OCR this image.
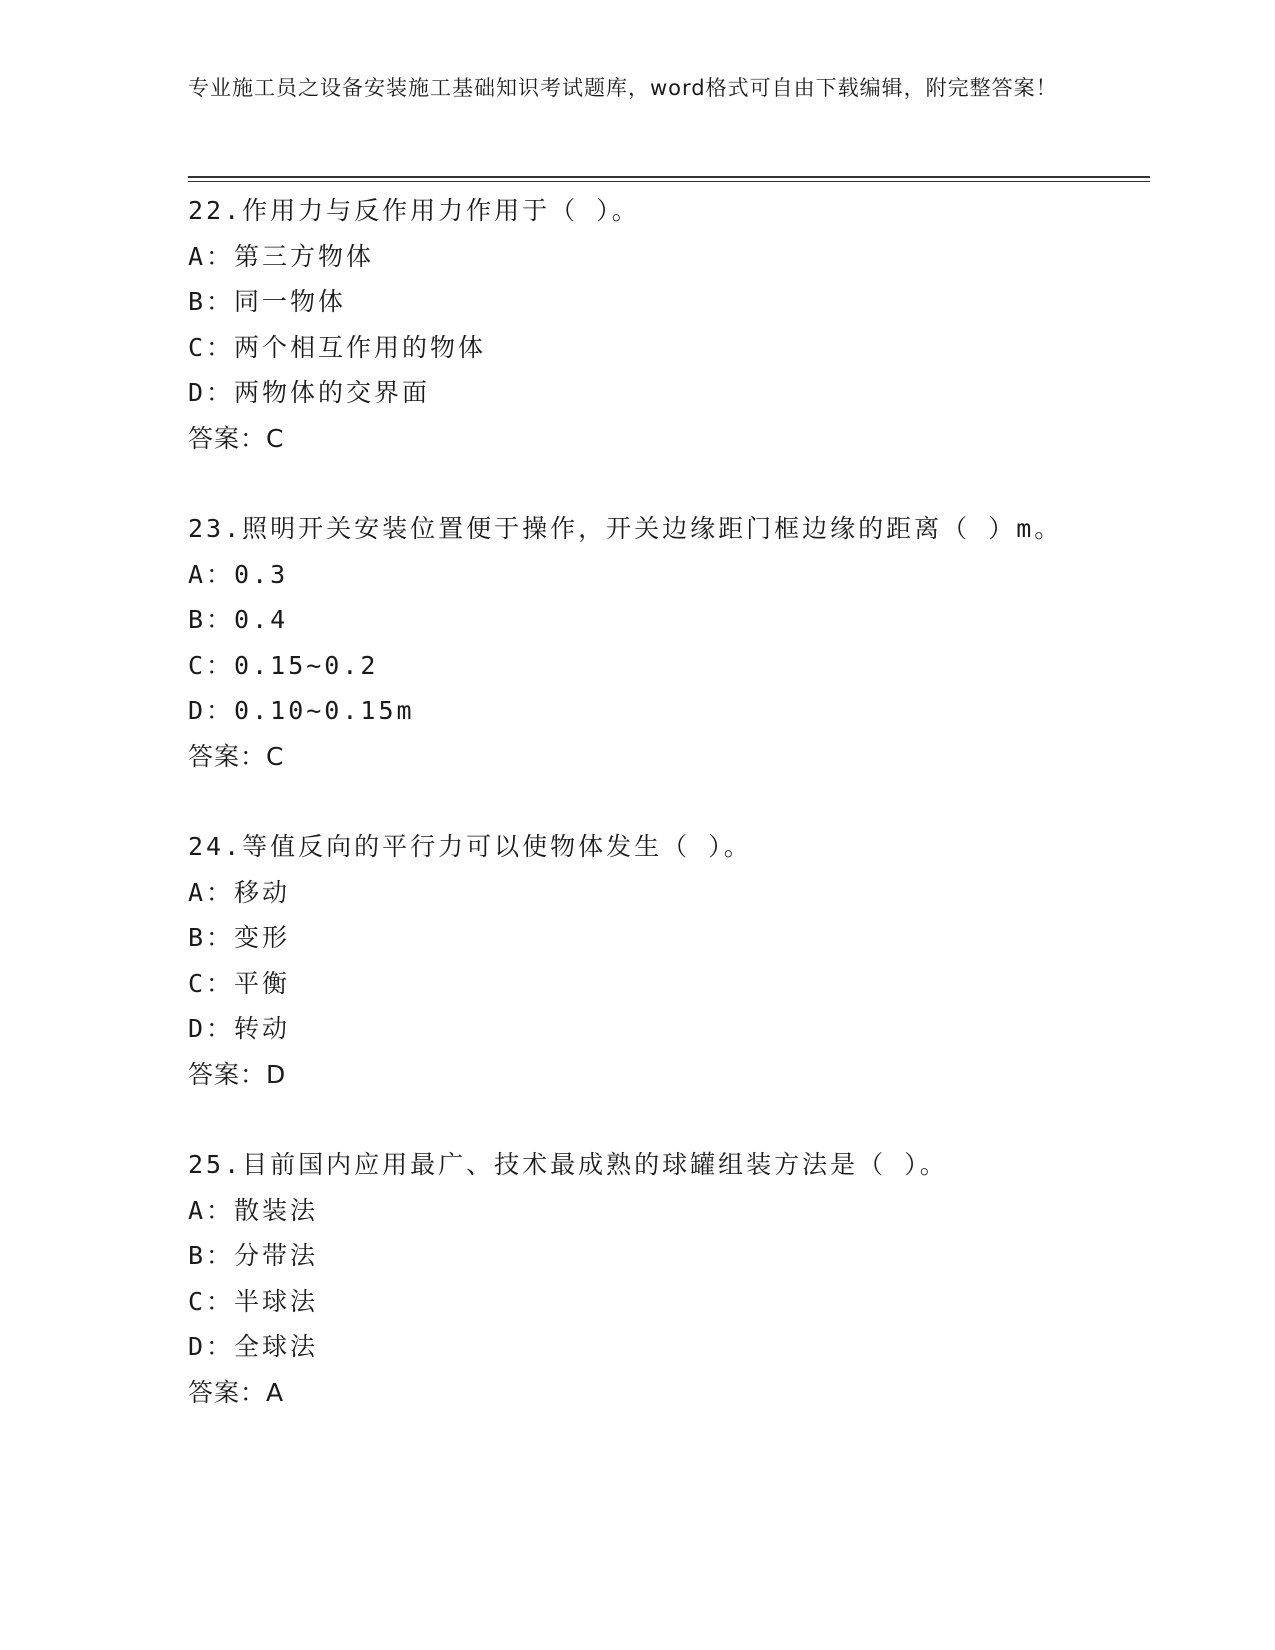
专业施工员之设备安装施工基础知识考试题库，word格式可自由下载编辑，附完整答案！
22.作用力与反作用力作用于（ ）。
A：第三方物体
B：同一物体
C：两个相互作用的物体
D：两物体的交界面
答案：C
23.照明开关安装位置便于操作，开关边缘距门框边缘的距离（ ）m。
A：0.3
B：0.4
C：0.15~0.2
D：0.10~0.15m
答案：C
24.等值反向的平行力可以使物体发生（ ）。
A：移动
B：变形
C：平衡
D：转动
答案：D
25.目前国内应用最广、技术最成熟的球罐组装方法是（ ）。
A：散装法
B：分带法
C：半球法
D：全球法
答案：A
